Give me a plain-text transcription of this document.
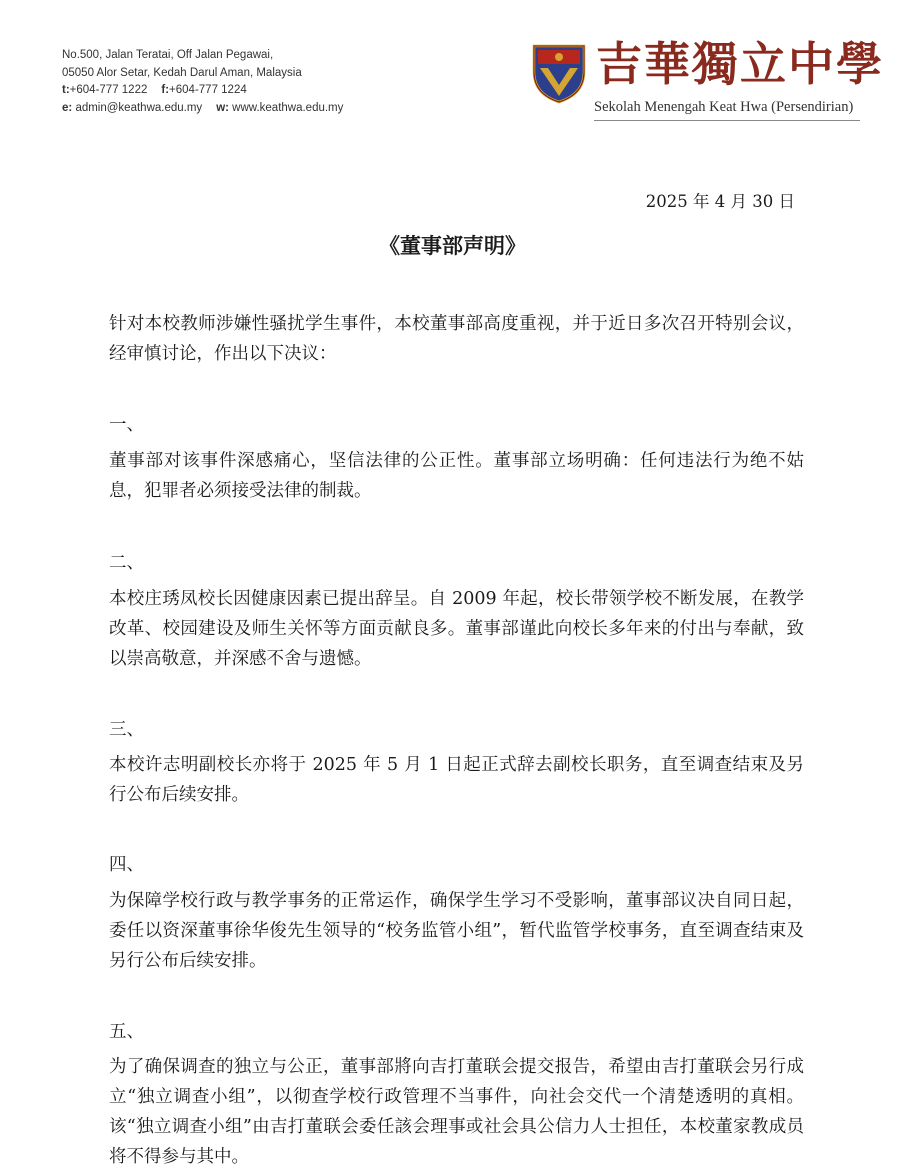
No.500, Jalan Teratai, Off Jalan Pegawai,
05050 Alor Setar, Kedah Darul Aman, Malaysia
t:+604-777 1222 f:+604-777 1224
e: admin@keathwa.edu.my w: www.keathwa.edu.my
吉華獨立中學
Sekolah Menengah Keat Hwa (Persendirian)
2025 年 4 月 30 日
《董事部声明》
针对本校教师涉嫌性骚扰学生事件，本校董事部高度重视，并于近日多次召开特别会议，经审慎讨论，作出以下决议：
一、
董事部对该事件深感痛心，坚信法律的公正性。董事部立场明确：任何违法行为绝不姑息，犯罪者必须接受法律的制裁。
二、
本校庄琇凤校长因健康因素已提出辞呈。自 2009 年起，校长带领学校不断发展，在教学改革、校园建设及师生关怀等方面贡献良多。董事部谨此向校长多年来的付出与奉献，致以崇高敬意，并深感不舍与遗憾。
三、
本校许志明副校长亦将于 2025 年 5 月 1 日起正式辞去副校长职务，直至调查结束及另行公布后续安排。
四、
为保障学校行政与教学事务的正常运作，确保学生学习不受影响，董事部议决自同日起，委任以资深董事徐华俊先生领导的“校务监管小组”，暂代监管学校事务，直至调查结束及另行公布后续安排。
五、
为了确保调查的独立与公正，董事部將向吉打董联会提交报告，希望由吉打董联会另行成立“独立调查小组”，以彻查学校行政管理不当事件，向社会交代一个清楚透明的真相。该“独立调查小组”由吉打董联会委任該会理事或社会具公信力人士担任，本校董家教成员将不得参与其中。
